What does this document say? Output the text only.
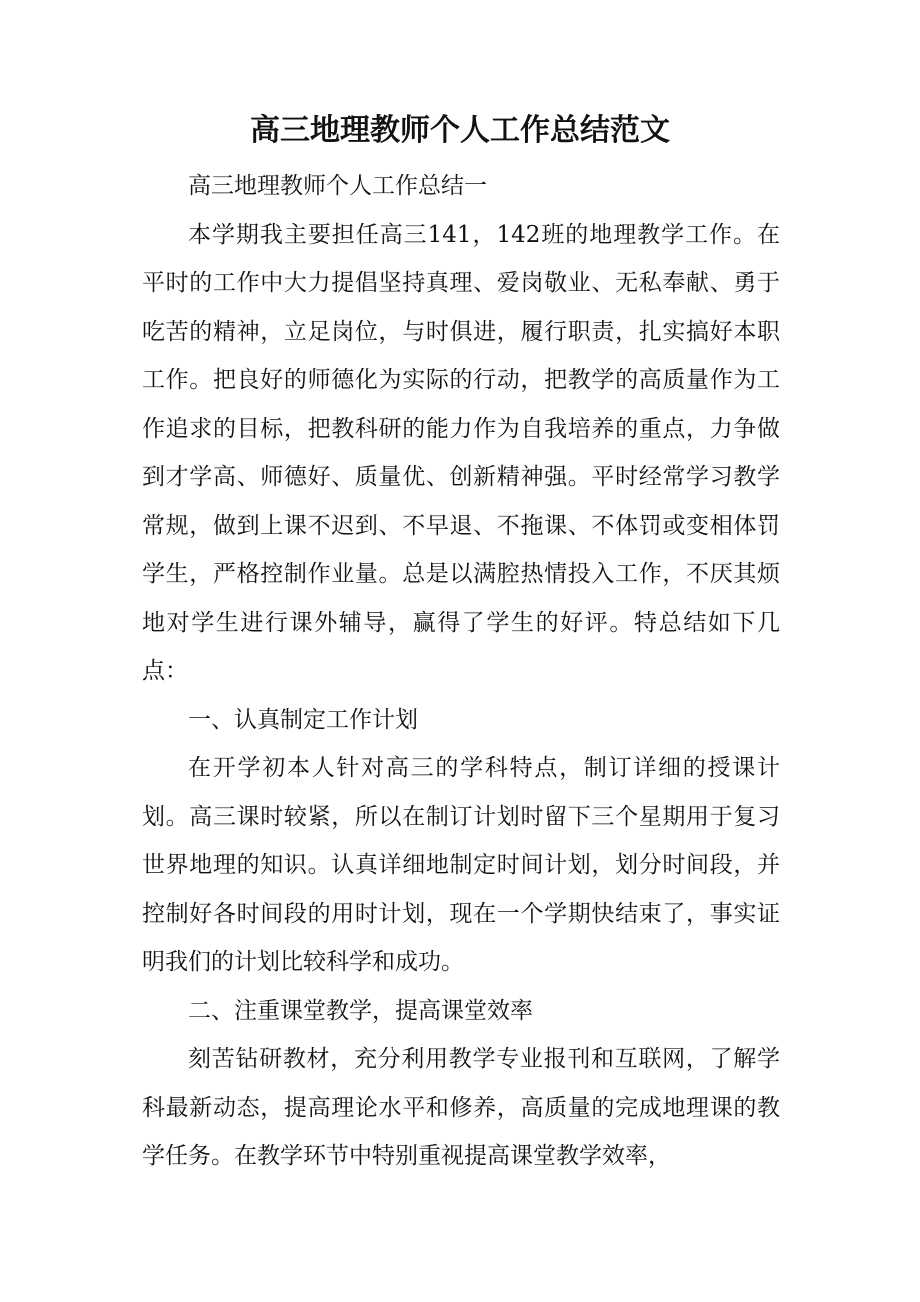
高三地理教师个人工作总结范文

高三地理教师个人工作总结一

本学期我主要担任高三141，142班的地理教学工作。在平时的工作中大力提倡坚持真理、爱岗敬业、无私奉献、勇于吃苦的精神，立足岗位，与时俱进，履行职责，扎实搞好本职工作。把良好的师德化为实际的行动，把教学的高质量作为工作追求的目标，把教科研的能力作为自我培养的重点，力争做到才学高、师德好、质量优、创新精神强。平时经常学习教学常规，做到上课不迟到、不早退、不拖课、不体罚或变相体罚学生，严格控制作业量。总是以满腔热情投入工作，不厌其烦地对学生进行课外辅导，赢得了学生的好评。特总结如下几点：

一、认真制定工作计划

在开学初本人针对高三的学科特点，制订详细的授课计划。高三课时较紧，所以在制订计划时留下三个星期用于复习世界地理的知识。认真详细地制定时间计划，划分时间段，并控制好各时间段的用时计划，现在一个学期快结束了，事实证明我们的计划比较科学和成功。

二、注重课堂教学，提高课堂效率

刻苦钻研教材，充分利用教学专业报刊和互联网，了解学科最新动态，提高理论水平和修养，高质量的完成地理课的教学任务。在教学环节中特别重视提高课堂教学效率，
